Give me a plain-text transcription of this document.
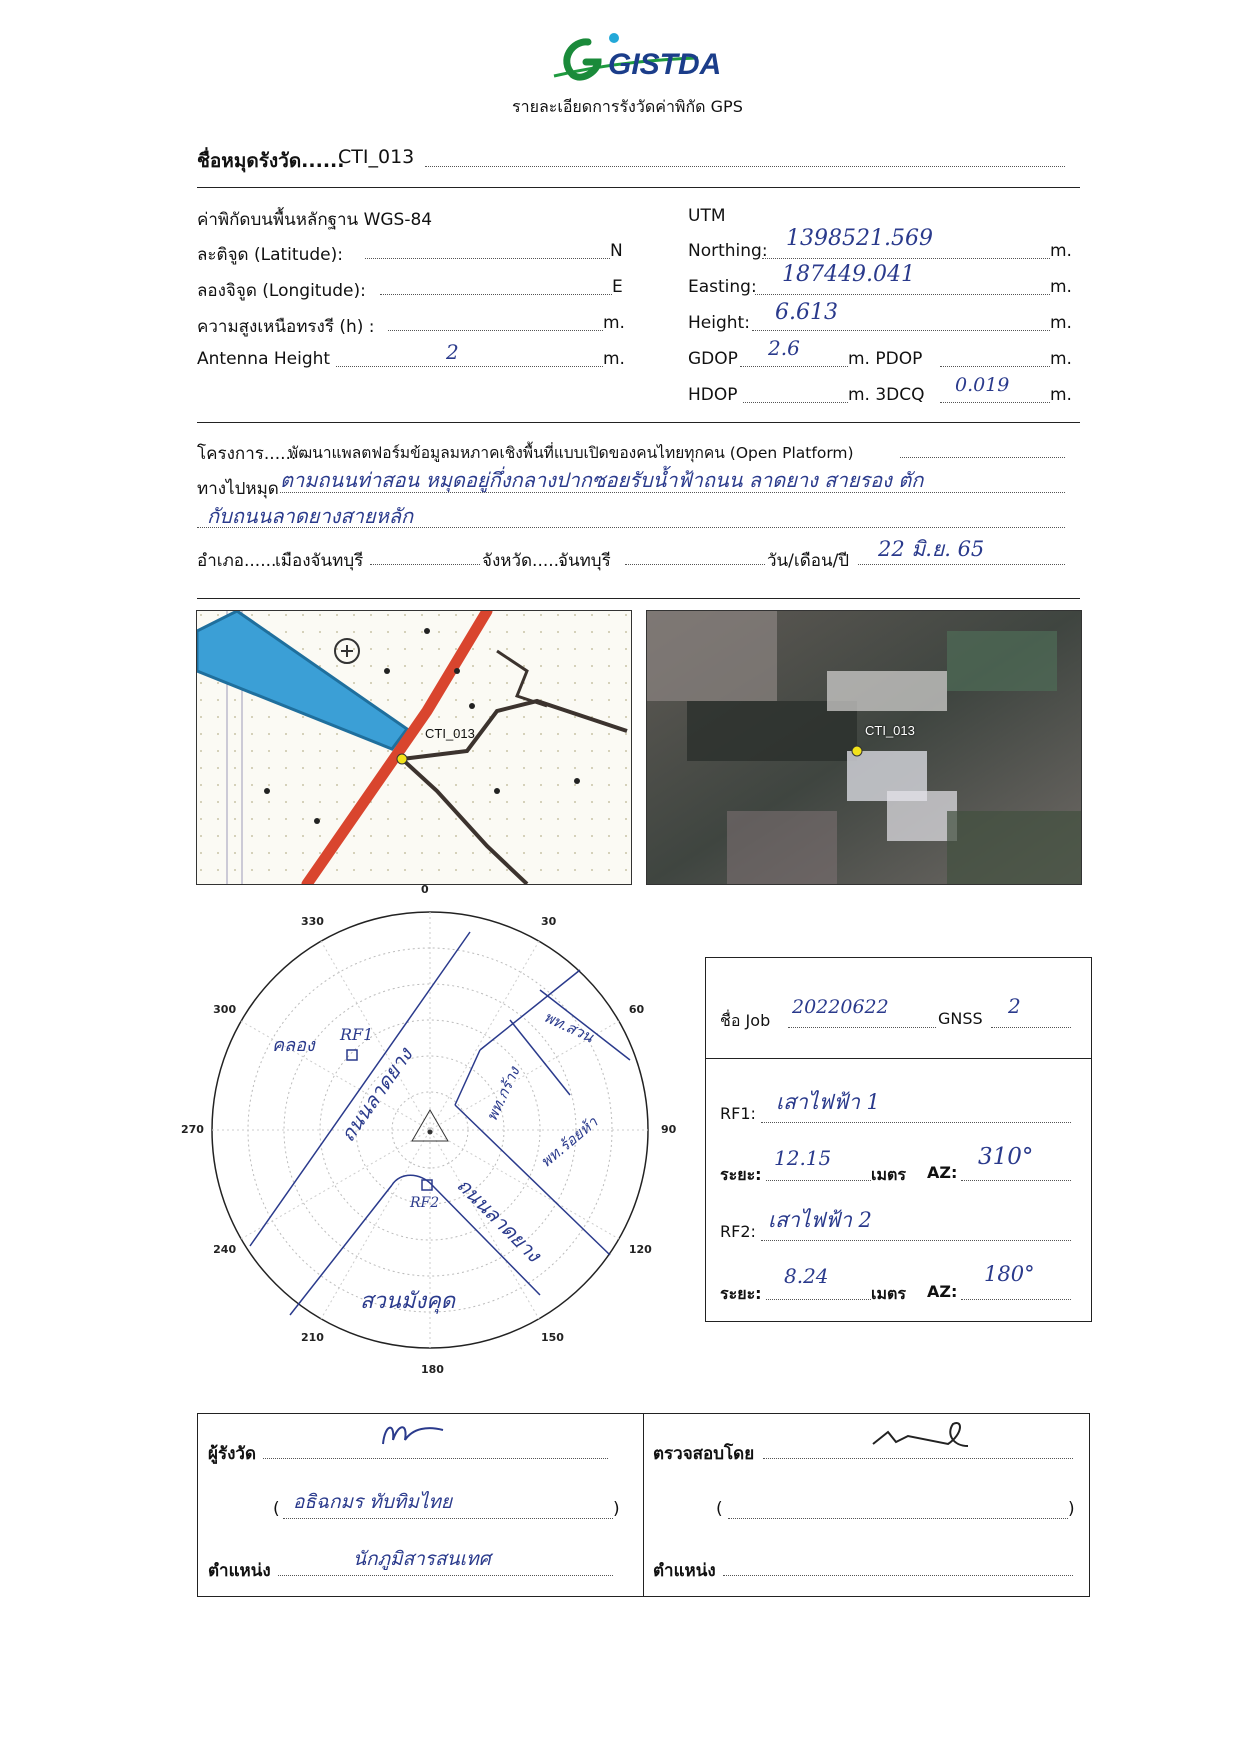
GISTDA
รายละเอียดการรังวัดค่าพิกัด GPS
ชื่อหมุดรังวัด......
CTI_013
ค่าพิกัดบนพื้นหลักฐาน WGS-84
ละติจูด (Latitude):	N
ลองจิจูด (Longitude):	E
ความสูงเหนือทรงรี (h) :	m.
Antenna Height	2	m.
UTM
Northing: 1398521.569	m.
Easting: 187449.041	m.
Height: 6.613	m.
GDOP 2.6	m. PDOP	m.
HDOP	m. 3DCQ 0.019 m.
โครงการ......
พัฒนาแพลตฟอร์มข้อมูลมหภาคเชิงพื้นที่แบบเปิดของคนไทยทุกคน (Open Platform)
ทางไปหมุด ตามถนนท่าสอน หมุดอยู่กึ่งกลางปากซอยรับน้ำฟ้าถนน ลาดยาง สายรอง ตัก
กับถนนลาดยางสายหลัก
อำเภอ......
เมืองจันทบุรี	จังหวัด......
จันทบุรี	วัน/เดือน/ปี 22 มิ.ย. 65
CTI_013	CTI_013
คลอง
RF1
ถนนลาดยาง	พท.กร้าง
พท.สวน
พท.ร้อยห้า
RF2 ถนนลาดยาง
สวนมังคุด
0
30
60
90
120
150
180
210
240
270
300
330
ชื่อ Job
20220622
GNSS
2
RF1: เสาไฟฟ้า 1
ระยะ:
12.15
เมตร AZ:
310°
RF2: เสาไฟฟ้า 2
ระยะ:
8.24
เมตร AZ:
180°
ผู้รังวัด
( อธิฉกมร ทับทิมไทย	)
ตำแหน่ง
นักภูมิสารสนเทศ
ตรวจสอบโดย
(	)
ตำแหน่ง
